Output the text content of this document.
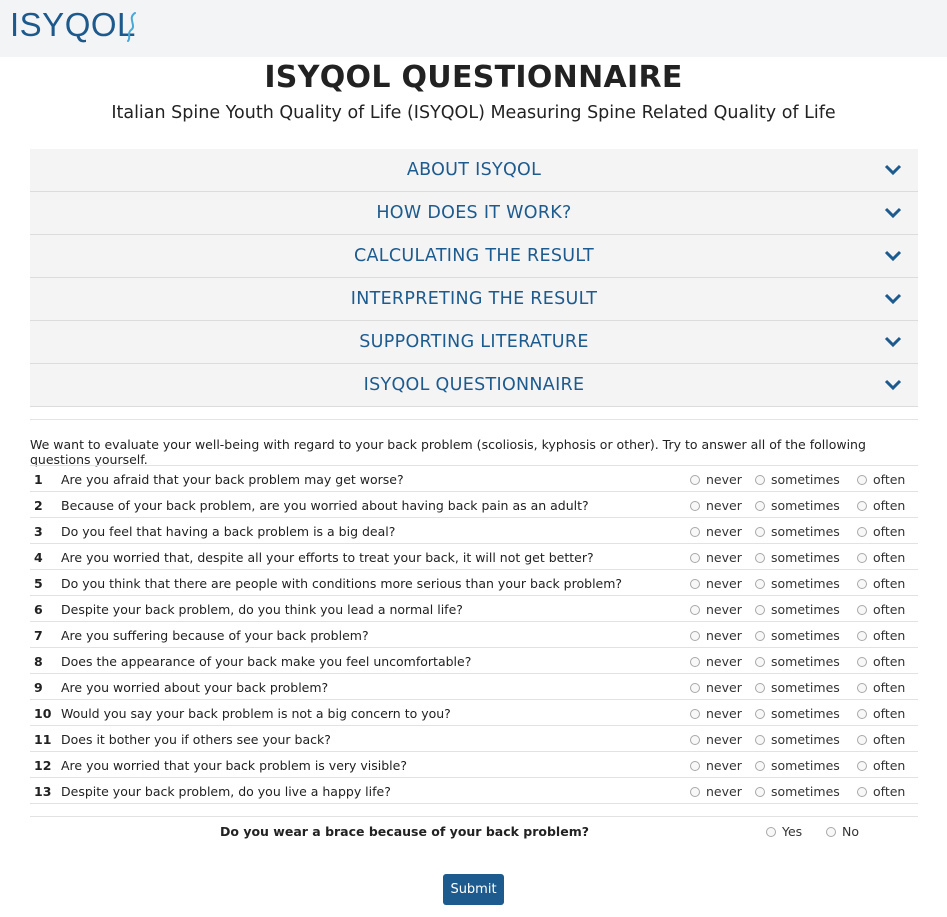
ISYQOL
ISYQOL QUESTIONNAIRE
Italian Spine Youth Quality of Life (ISYQOL) Measuring Spine Related Quality of Life
ABOUT ISYQOL
HOW DOES IT WORK?
CALCULATING THE RESULT
INTERPRETING THE RESULT
SUPPORTING LITERATURE
ISYQOL QUESTIONNAIRE

We want to evaluate your well-being with regard to your back problem (scoliosis, kyphosis or other). Try to answer all of the following questions yourself.

1 Are you afraid that your back problem may get worse?	never sometimes	often
2 Because of your back problem, are you worried about having back pain as an adult?	never sometimes	often
3 Do you feel that having a back problem is a big deal?	never sometimes	often
4 Are you worried that, despite all your efforts to treat your back, it will not get better?	never sometimes	often
5 Do you think that there are people with conditions more serious than your back problem?	never sometimes	often
6 Despite your back problem, do you think you lead a normal life?	never sometimes	often
7 Are you suffering because of your back problem?	never sometimes	often
8 Does the appearance of your back make you feel uncomfortable?	never sometimes	often
9 Are you worried about your back problem?	never sometimes	often
10 Would you say your back problem is not a big concern to you?	never sometimes	often
11 Does it bother you if others see your back?	never sometimes	often
12 Are you worried that your back problem is very visible?	never sometimes	often
13 Despite your back problem, do you live a happy life?	never sometimes	often
Do you wear a brace because of your back problem?	Yes	No
Submit
